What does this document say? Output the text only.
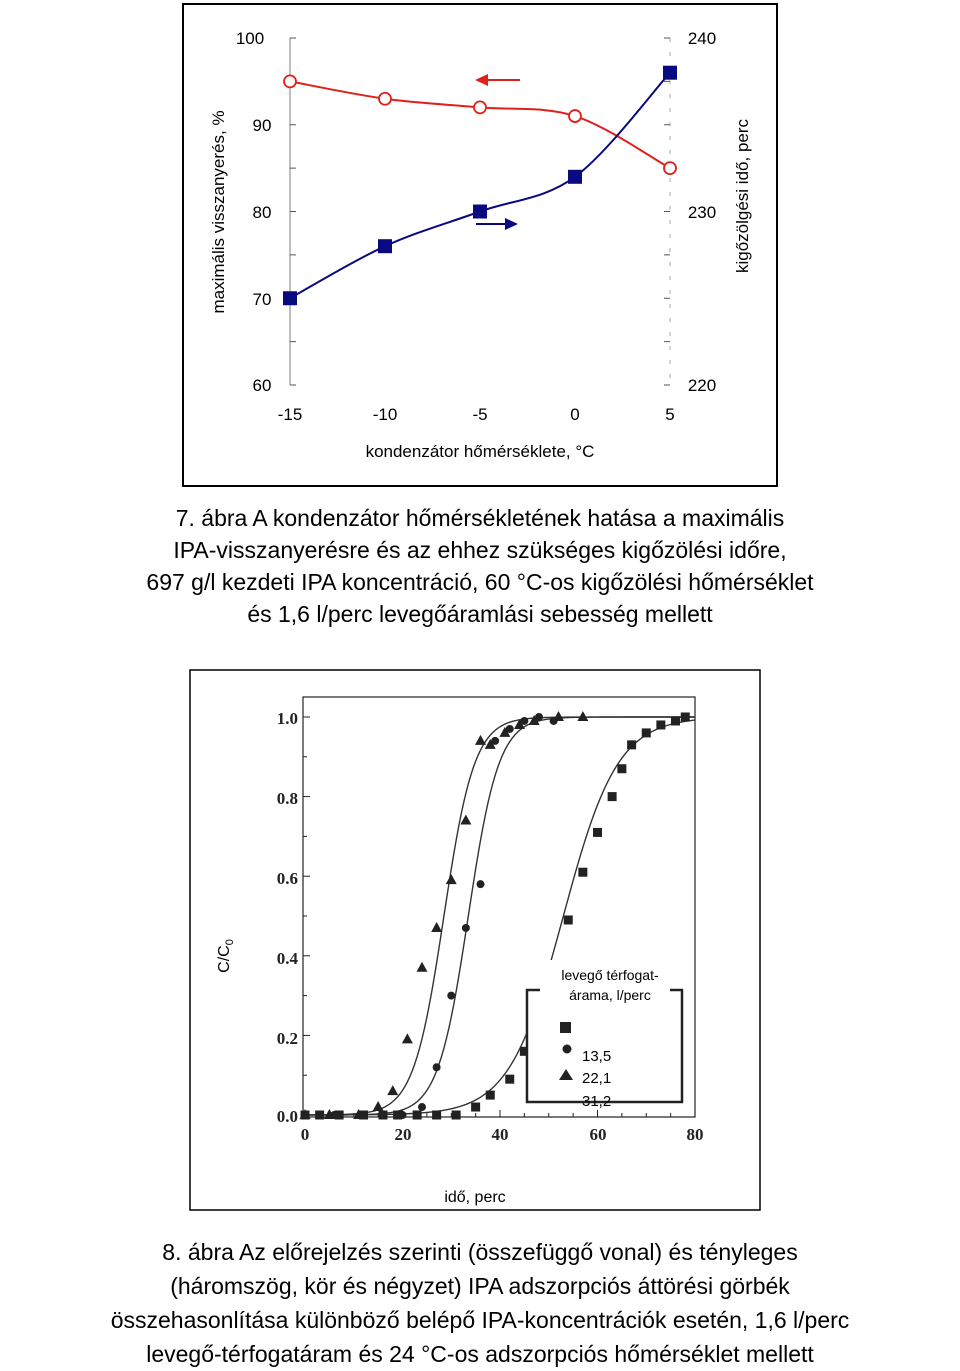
100
90
80
70
60
240
230
220
-15	-10	-5	0	5
kondenzátor hőmérséklete, °C
maximális visszanyerés, %	kigőzölgési idő, perc
7. ábra A kondenzátor hőmérsékletének hatása a maximális
IPA-visszanyerésre és az ehhez szükséges kigőzölési időre,
697 g/l kezdeti IPA koncentráció, 60 °C-os kigőzölési hőmérséklet
és 1,6 l/perc levegőáramlási sebesség mellett
1.0
0.8
0.6
0.4
0.2
0.0
0	20	40	60	80
idő, perc
$C/C_0$
levegő térfogat-
árama, l/perc
13,5
22,1
31,2
8. ábra Az előrejelzés szerinti (összefüggő vonal) és tényleges
(háromszög, kör és négyzet) IPA adszorpciós áttörési görbék
összehasonlítása különböző belépő IPA-koncentrációk esetén, 1,6 l/perc
levegő-térfogatáram és 24 °C-os adszorpciós hőmérséklet mellett
